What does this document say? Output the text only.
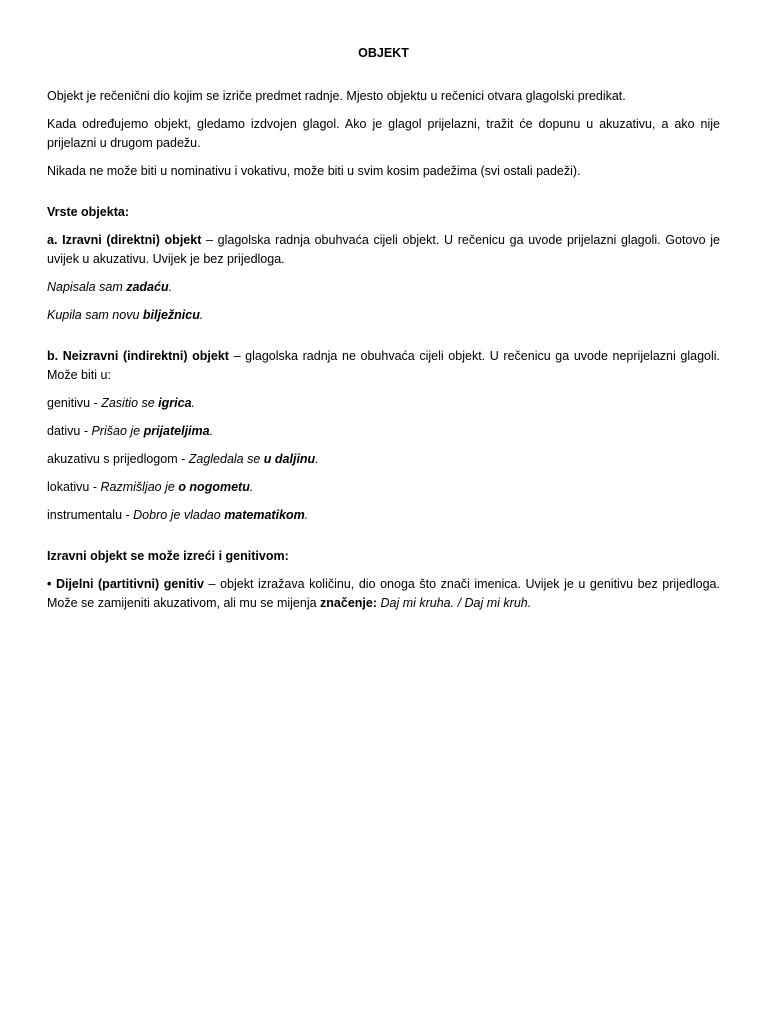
OBJEKT

Objekt je rečenični dio kojim se izriče predmet radnje. Mjesto objektu u rečenici otvara glagolski predikat.

Kada određujemo objekt, gledamo izdvojen glagol. Ako je glagol prijelazni, tražit će dopunu u akuzativu, a ako nije prijelazni u drugom padežu.

Nikada ne može biti u nominativu i vokativu, može biti u svim kosim padežima (svi ostali padeži).

Vrste objekta:

a. Izravni (direktni) objekt – glagolska radnja obuhvaća cijeli objekt. U rečenicu ga uvode prijelazni glagoli. Gotovo je uvijek u akuzativu. Uvijek je bez prijedloga.

Napisala sam zadaću.

Kupila sam novu bilježnicu.

b. Neizravni (indirektni) objekt – glagolska radnja ne obuhvaća cijeli objekt. U rečenicu ga uvode neprijelazni glagoli. Može biti u:

genitivu - Zasitio se igrica.

dativu - Prišao je prijateljima.

akuzativu s prijedlogom - Zagledala se u daljinu.

lokativu - Razmišljao je o nogometu.

instrumentalu - Dobro je vladao matematikom.

Izravni objekt se može izreći i genitivom:

• Dijelni (partitivni) genitiv – objekt izražava količinu, dio onoga što znači imenica. Uvijek je u genitivu bez prijedloga. Može se zamijeniti akuzativom, ali mu se mijenja značenje: Daj mi kruha. / Daj mi kruh.
